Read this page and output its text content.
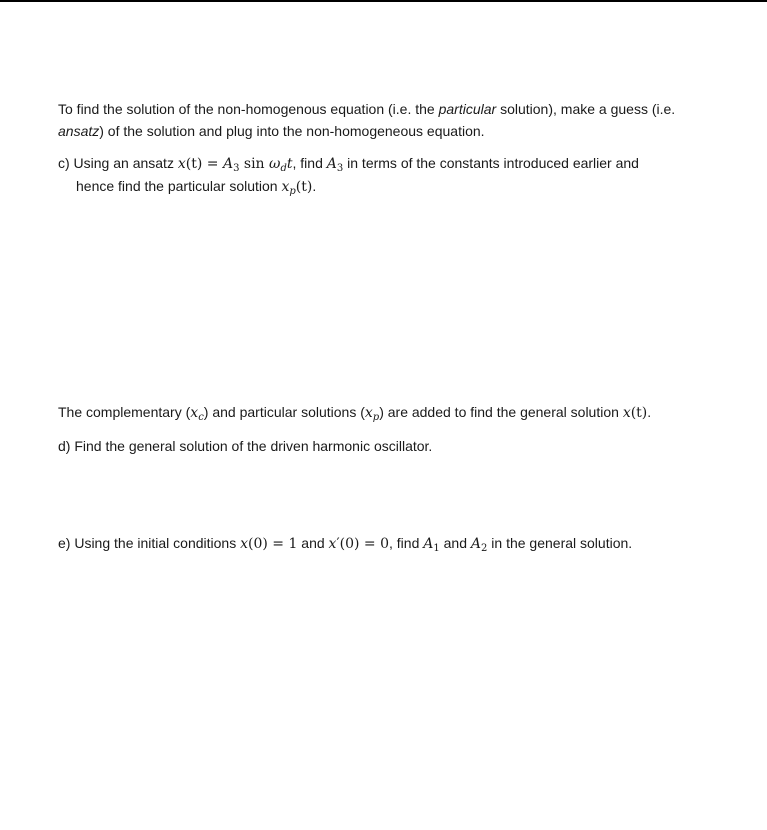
To find the solution of the non-homogenous equation (i.e. the particular solution), make a guess (i.e. ansatz) of the solution and plug into the non-homogeneous equation.

c) Using an ansatz $x(t) = A_3$ $\sin \omega_dt$, find $A_3$ in terms of the constants introduced earlier and
hence find the particular solution $x_p(t)$.

The complementary $(x_c)$ and particular solutions $(x_p)$ are added to find the general solution x(t).

d) Find the general solution of the driven harmonic oscillator.

e) Using the initial conditions x(0) = 1 and x′(0) = 0, find $A_1$ and $A_2$ in the general solution.
